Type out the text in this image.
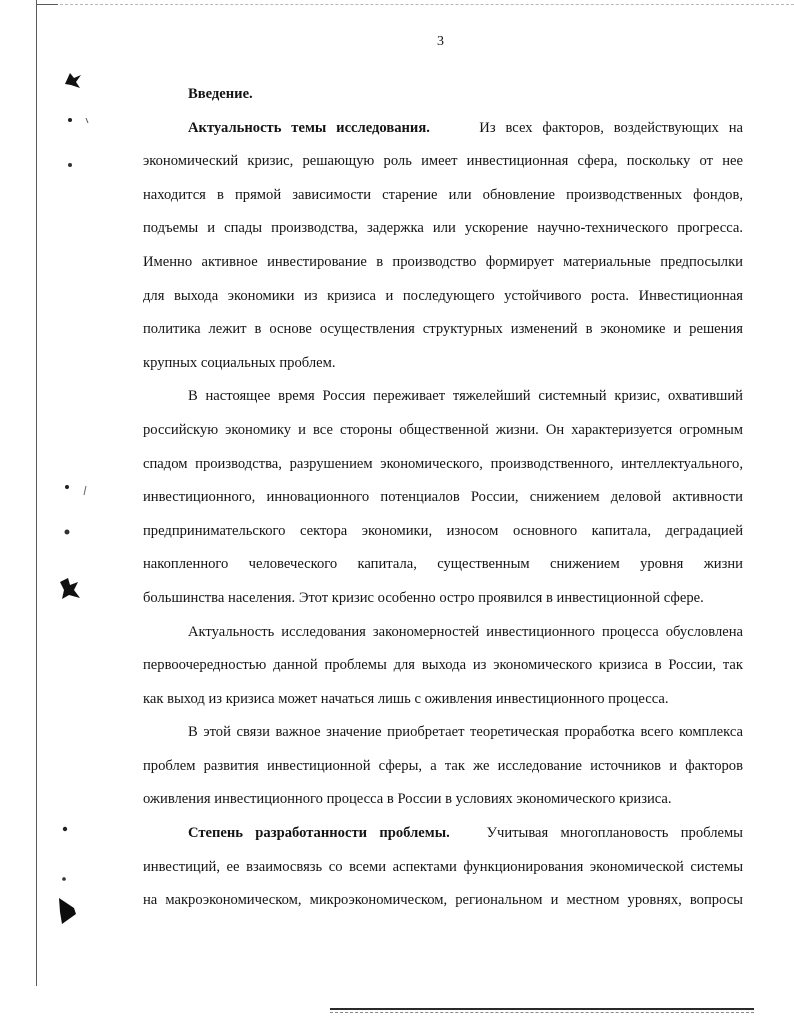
3
Введение.
Актуальность темы исследования.	Из всех факторов, воздействующих на
экономический кризис, решающую роль имеет инвестиционная сфера, поскольку от нее
находится в прямой зависимости старение или обновление производственных фондов,
подъемы и спады производства, задержка или ускорение научно-технического прогресса.
Именно активное инвестирование в производство формирует материальные предпосылки
для выхода экономики из кризиса и последующего устойчивого роста. Инвестиционная
политика лежит в основе осуществления структурных изменений в экономике и решения
крупных социальных проблем.
В настоящее время Россия переживает тяжелейший системный кризис, охвативший
российскую экономику и все стороны общественной жизни. Он характеризуется огромным
спадом производства, разрушением экономического, производственного, интеллектуального,
инвестиционного, инновационного потенциалов России, снижением деловой активности
предпринимательского сектора экономики, износом основного капитала, деградацией
накопленного человеческого капитала, существенным снижением уровня жизни
большинства населения. Этот кризис особенно остро проявился в инвестиционной сфере.
Актуальность исследования закономерностей инвестиционного процесса обусловлена
первоочередностью данной проблемы для выхода из экономического кризиса в России, так
как выход из кризиса может начаться лишь с оживления инвестиционного процесса.
В этой связи важное значение приобретает теоретическая проработка всего комплекса
проблем развития инвестиционной сферы, а так же исследование источников и факторов
оживления инвестиционного процесса в России в условиях экономического кризиса.
Степень разработанности проблемы.	Учитывая многоплановость проблемы
инвестиций, ее взаимосвязь со всеми аспектами функционирования экономической системы
на макроэкономическом, микроэкономическом, региональном и местном уровнях, вопросы
